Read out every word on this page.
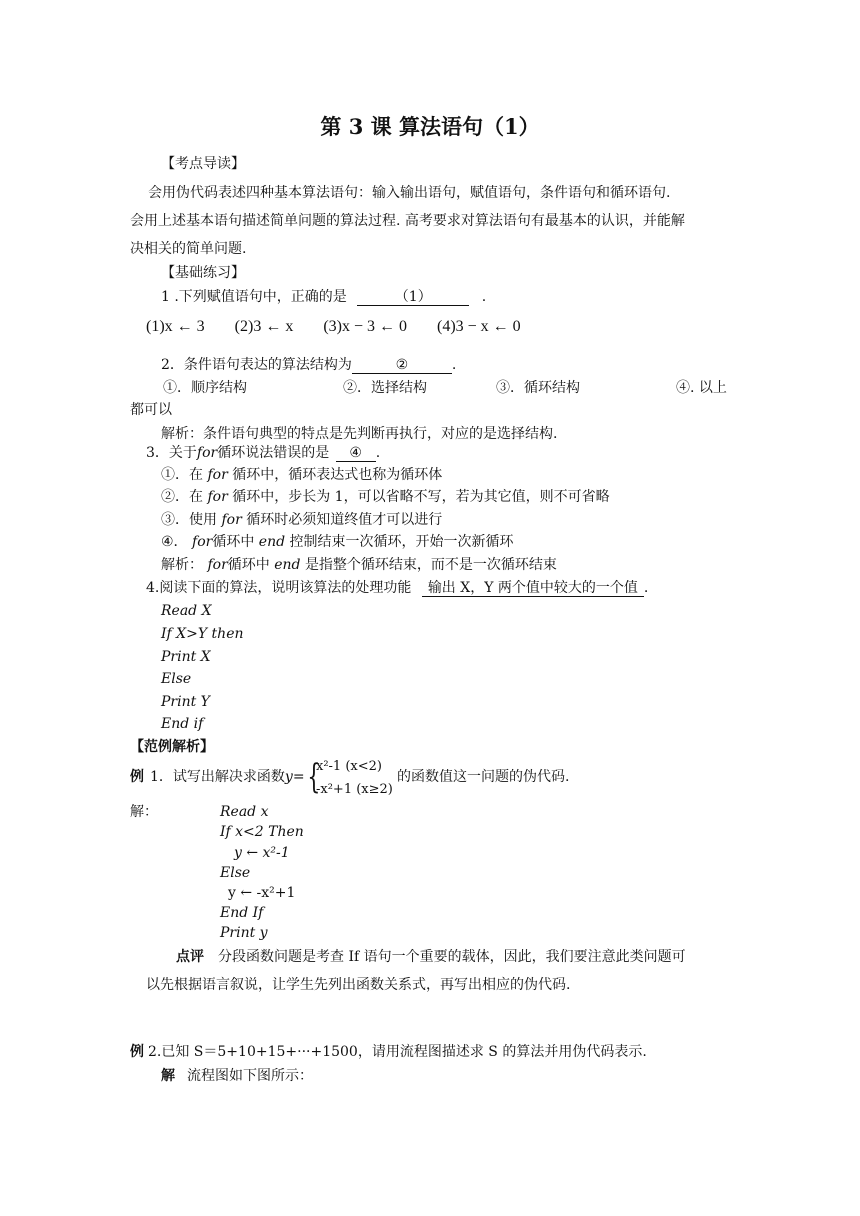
第 3 课 算法语句（1）
【考点导读】
会用伪代码表述四种基本算法语句：输入输出语句，赋值语句，条件语句和循环语句.
会用上述基本语句描述简单问题的算法过程. 高考要求对算法语句有最基本的认识，并能解
决相关的简单问题.
【基础练习】
1 .下列赋值语句中，正确的是	（1）	.
(1)x ← 3 (2)3 ← x (3)x − 3 ← 0 (4)3 − x ← 0
2．条件语句表达的算法结构为	②	.
①．顺序结构	②．选择结构	③．循环结构	④. 以上
都可以
解析：条件语句典型的特点是先判断再执行，对应的是选择结构.
3．关于for循环说法错误的是 ④ .
①．在 for 循环中，循环表达式也称为循环体
②．在 for 循环中，步长为 1，可以省略不写，若为其它值，则不可省略
③．使用 for 循环时必须知道终值才可以进行
④． for循环中 end 控制结束一次循环，开始一次新循环
解析： for循环中 end 是指整个循环结束，而不是一次循环结束
4.阅读下面的算法，说明该算法的处理功能 输出 X，Y 两个值中较大的一个值 .
Read X
If X>Y then
Print X
Else
Print Y
End if
【范例解析】
例 1．试写出解决求函数y= {
x²-1 (x<2)
-x²+1 (x≥2)
的函数值这一问题的伪代码.
解：	Read x
If x<2 Then
y ← x²-1
Else
y ← -x²+1
End If
Print y
点评 分段函数问题是考查 If 语句一个重要的载体，因此，我们要注意此类问题可
以先根据语言叙说，让学生先列出函数关系式，再写出相应的伪代码.
例 2.已知 S＝5+10+15+···+1500，请用流程图描述求 S 的算法并用伪代码表示.
解 流程图如下图所示：
